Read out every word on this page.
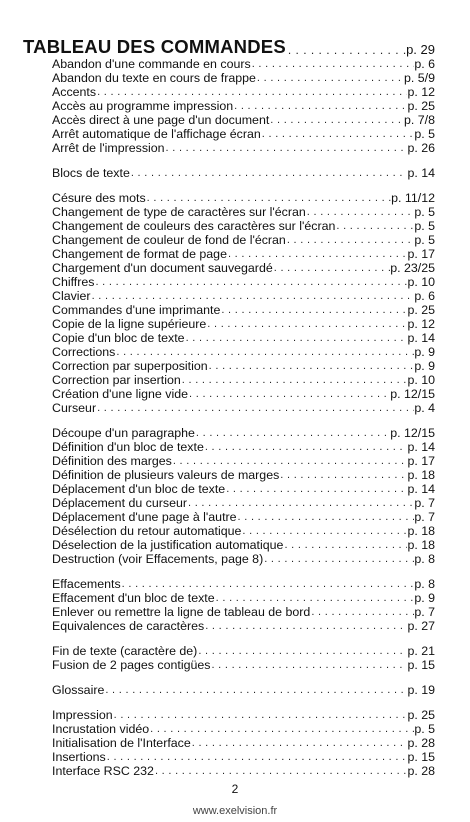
TABLEAU DES COMMANDES . . .	p. 29
Abandon d'une commande en cours . . .	p. 6
Abandon du texte en cours de frappe . . .	p. 5/9
Accents . . .	p. 12
Accès au programme impression . . .	p. 25
Accès direct à une page d'un document . . .	p. 7/8
Arrêt automatique de l'affichage écran . . .	p. 5
Arrêt de l'impression . . .	p. 26
Blocs de texte . . .	p. 14
Césure des mots . . .	p. 11/12
Changement de type de caractères sur l'écran . . .	p. 5
Changement de couleurs des caractères sur l'écran . . .	p. 5
Changement de couleur de fond de l'écran . . .	p. 5
Changement de format de page . . .	p. 17
Chargement d'un document sauvegardé . . .	p. 23/25
Chiffres . . .	p. 10
Clavier . . .	p. 6
Commandes d'une imprimante . . .	p. 25
Copie de la ligne supérieure . . .	p. 12
Copie d'un bloc de texte . . .	p. 14
Corrections . . .	p. 9
Correction par superposition . . .	p. 9
Correction par insertion . . .	p. 10
Création d'une ligne vide . . .	p. 12/15
Curseur . . .	p. 4
Découpe d'un paragraphe . . .	p. 12/15
Définition d'un bloc de texte . . .	p. 14
Définition des marges . . .	p. 17
Définition de plusieurs valeurs de marges . . .	p. 18
Déplacement d'un bloc de texte . . .	p. 14
Déplacement du curseur . . .	p. 7
Déplacement d'une page à l'autre . . .	p. 7
Désélection du retour automatique . . .	p. 18
Déselection de la justification automatique . . .	p. 18
Destruction (voir Effacements, page 8) . . .	p. 8
Effacements . . .	p. 8
Effacement d'un bloc de texte . . .	p. 9
Enlever ou remettre la ligne de tableau de bord . . .	p. 7
Equivalences de caractères . . .	p. 27
Fin de texte (caractère de) . . .	p. 21
Fusion de 2 pages contigües . . .	p. 15
Glossaire . . .	p. 19
Impression . . .	p. 25
Incrustation vidéo . . .	p. 5
Initialisation de l'Interface . . .	p. 28
Insertions . . .	p. 15
Interface RSC 232 . . .	p. 28
2
www.exelvision.fr
